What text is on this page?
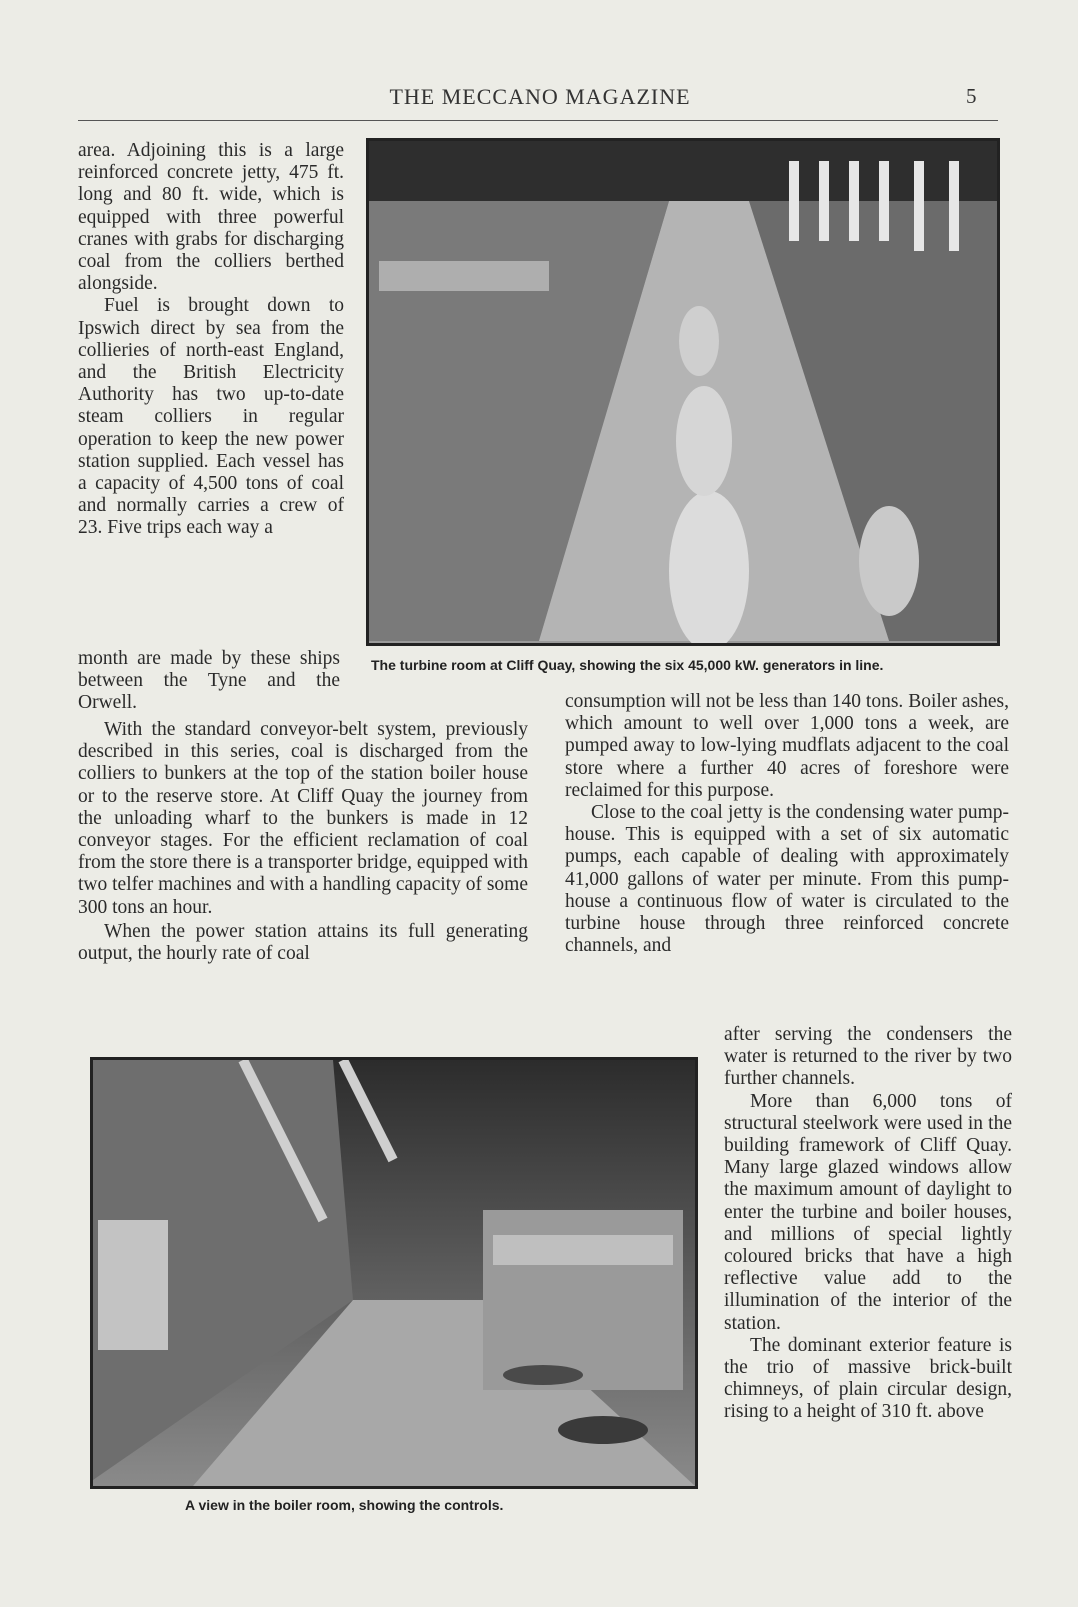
THE MECCANO MAGAZINE	5

area. Adjoining this is a large reinforced concrete jetty, 475 ft. long and 80 ft. wide, which is equipped with three powerful cranes with grabs for discharging coal from the colliers berthed alongside.

Fuel is brought down to Ipswich direct by sea from the collieries of north-east England, and the British Electricity Authority has two up-to-date steam colliers in regular operation to keep the new power station supplied. Each vessel has a capacity of 4,500 tons of coal and normally carries a crew of 23. Five trips each way a

month are made by these ships between the Tyne and the Orwell.

With the standard conveyor-belt system, previously described in this series, coal is discharged from the colliers to bunkers at the top of the station boiler house or to the reserve store. At Cliff Quay the journey from the unloading wharf to the bunkers is made in 12 conveyor stages. For the efficient reclamation of coal from the store there is a transporter bridge, equipped with two telfer machines and with a handling capacity of some 300 tons an hour.

When the power station attains its full generating output, the hourly rate of coal

consumption will not be less than 140 tons. Boiler ashes, which amount to well over 1,000 tons a week, are pumped away to low-lying mudflats adjacent to the coal store where a further 40 acres of foreshore were reclaimed for this purpose.

Close to the coal jetty is the condensing water pump-house. This is equipped with a set of six automatic pumps, each capable of dealing with approximately 41,000 gallons of water per minute. From this pump-house a continuous flow of water is circulated to the turbine house through three reinforced concrete channels, and

after serving the condensers the water is returned to the river by two further channels.

More than 6,000 tons of structural steelwork were used in the building framework of Cliff Quay. Many large glazed windows allow the maximum amount of daylight to enter the turbine and boiler houses, and millions of special lightly coloured bricks that have a high reflective value add to the illumination of the interior of the station.

The dominant exterior feature is the trio of massive brick-built chimneys, of plain circular design, rising to a height of 310 ft. above

The turbine room at Cliff Quay, showing the six 45,000 kW. generators in line.
A view in the boiler room, showing the controls.
